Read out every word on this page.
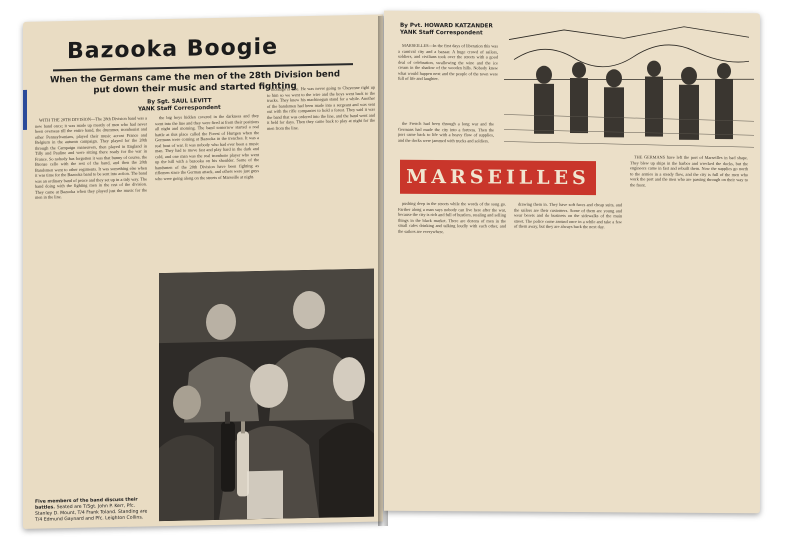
Bazooka Boogie
When the Germans came the men of the 28th Division bend put down their music and started fighting
By Sgt. SAUL LEVITT
YANK Staff Correspondent

WITH THE 28TH DIVISION—The 28th Division band was a new band once; it was made up mostly of men who had never been overseas till the entire band, the drummer, trombonist and other Pennsylvanians, played their music across France and Belgium in the autumn campaign. They played for the 28th through the Campaign maneuvers, then played in England in Tilly and Pauline and were sitting there ready for the war in France. So nobody has forgotten it was that bunny of course, the Bronze cello with the rest of the band, and then the 28th Bandsmen went to other regiments. It was something else when it was time for the Bazooka band to be sent into action. The band was an ordinary band of peace and they set up in a tidy way. The band doing with the fighting men in the rest of the division. They came at Bazooka when they played just the music for the men in the line.

the big boys hidden covered in the darkness and they went into the line and they were fired at from their positions all night and morning. The band tomorrow started a real battle at this place called the Forest of Hurtgen when the Germans were coming at Bazooka in the trenches. It was a real bout of war. It was nobody who had ever been a music man. They had to move fast and play hard in the dark and cold, and one man was the real trombone player who went up the hill with a bazooka on his shoulder. Some of the bandsmen of the 28th Division have been fighting as riflemen since the German attack, and others were just guys who were going along on the streets of Marseille at night.

montage is fine. He was never going to Cheyenne right up to him so we went to the wire and the boys went back to the trucks. They knew his machinegun stand for a while. Another of the bandsmen had been made into a sergeant and was sent out with the rifle companies to hold a forest. They said it was the band that was ordered into the line, and the band went and it held for days. Then they came back to play at night for the men from the line.

Five members of the band discuss their battles. Seated are T/Sgt. John P. Kerr, Pfc. Stanley D. Mount, T/4 Frank Toland. Standing are T/4 Edmund Gaynard and Pfc. Leighton Collins.
By Pvt. HOWARD KATZANDER
YANK Staff Correspondent

MARSEILLES—In the first days of liberation this was a carnival city and a bazaar. A huge crowd of sailors, soldiers, and civilians took over the streets with a good deal of celebration, swallowing the wine and the ice cream in the shadow of the wooden hills. Nobody knew what would happen next and the people of the town were full of life and laughter.

MARSEILLES

the French had been through a long war and the Germans had made the city into a fortress. Then the port came back to life with a heavy flow of supplies, and the docks were jammed with trucks and soldiers.

pushing deep in the streets while the words of the song go. Farther along a man says nobody can live here after the war, because the city is rich and full of hustlers, stealing and selling things in the black market. There are dozens of men in the small cafes drinking and talking loudly with each other, and the sailors are everywhere.

drawing them in. They have soft faces and cheap suits, and the sailors are their customers. Some of them are young and wear berets and do business on the sidewalks of the main street. The police come around once in a while and take a few of them away, but they are always back the next day.

THE GERMANS have left the port of Marseilles in bad shape. They blew up ships in the harbor and wrecked the docks, but the engineers came in fast and rebuilt them. Now the supplies go north to the armies in a steady flow, and the city is full of the men who work the port and the men who are passing through on their way to the front.
